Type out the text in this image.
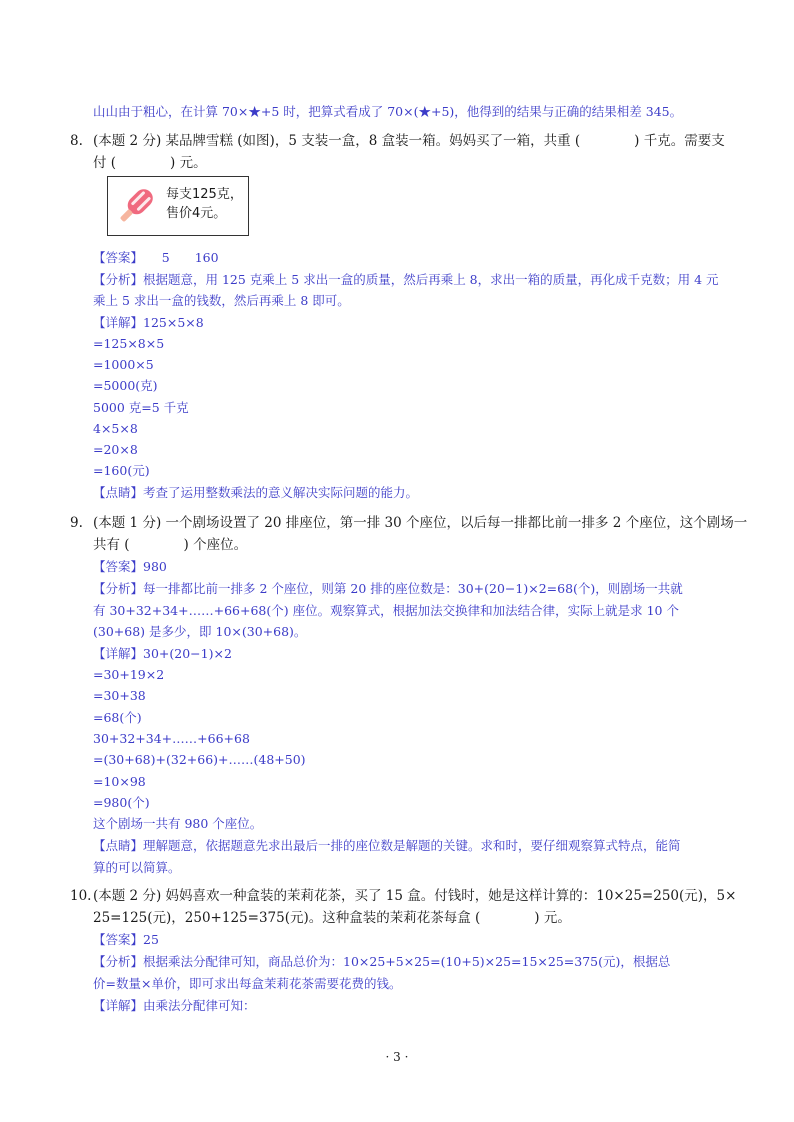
山山由于粗心，在计算 70×★+5 时，把算式看成了 70×(★+5)，他得到的结果与正确的结果相差 345。
8. (本题 2 分) 某品牌雪糕 (如图)，5 支装一盒，8 盒装一箱。妈妈买了一箱，共重 (　　　　) 千克。需要支
付 (　　　　) 元。
每支125克，
售价4元。
【答案】　　5　　160
【分析】根据题意，用 125 克乘上 5 求出一盒的质量，然后再乘上 8，求出一箱的质量，再化成千克数；用 4 元
乘上 5 求出一盒的钱数，然后再乘上 8 即可。
【详解】125×5×8
=125×8×5
=1000×5
=5000(克)
5000 克=5 千克
4×5×8
=20×8
=160(元)
【点睛】考查了运用整数乘法的意义解决实际问题的能力。
9. (本题 1 分) 一个剧场设置了 20 排座位，第一排 30 个座位，以后每一排都比前一排多 2 个座位，这个剧场一
共有 (　　　　) 个座位。
【答案】980
【分析】每一排都比前一排多 2 个座位，则第 20 排的座位数是：30+(20−1)×2=68(个)，则剧场一共就
有 30+32+34+……+66+68(个) 座位。观察算式，根据加法交换律和加法结合律，实际上就是求 10 个
(30+68) 是多少，即 10×(30+68)。
【详解】30+(20−1)×2
=30+19×2
=30+38
=68(个)
30+32+34+……+66+68
=(30+68)+(32+66)+……(48+50)
=10×98
=980(个)
这个剧场一共有 980 个座位。
【点睛】理解题意，依据题意先求出最后一排的座位数是解题的关键。求和时，要仔细观察算式特点，能简
算的可以简算。
10. (本题 2 分) 妈妈喜欢一种盒装的茉莉花茶，买了 15 盒。付钱时，她是这样计算的：10×25=250(元)，5×
25=125(元)，250+125=375(元)。这种盒装的茉莉花茶每盒 (　　　　) 元。
【答案】25
【分析】根据乘法分配律可知，商品总价为：10×25+5×25=(10+5)×25=15×25=375(元)，根据总
价=数量×单价，即可求出每盒茉莉花茶需要花费的钱。
【详解】由乘法分配律可知：
· 3 ·
